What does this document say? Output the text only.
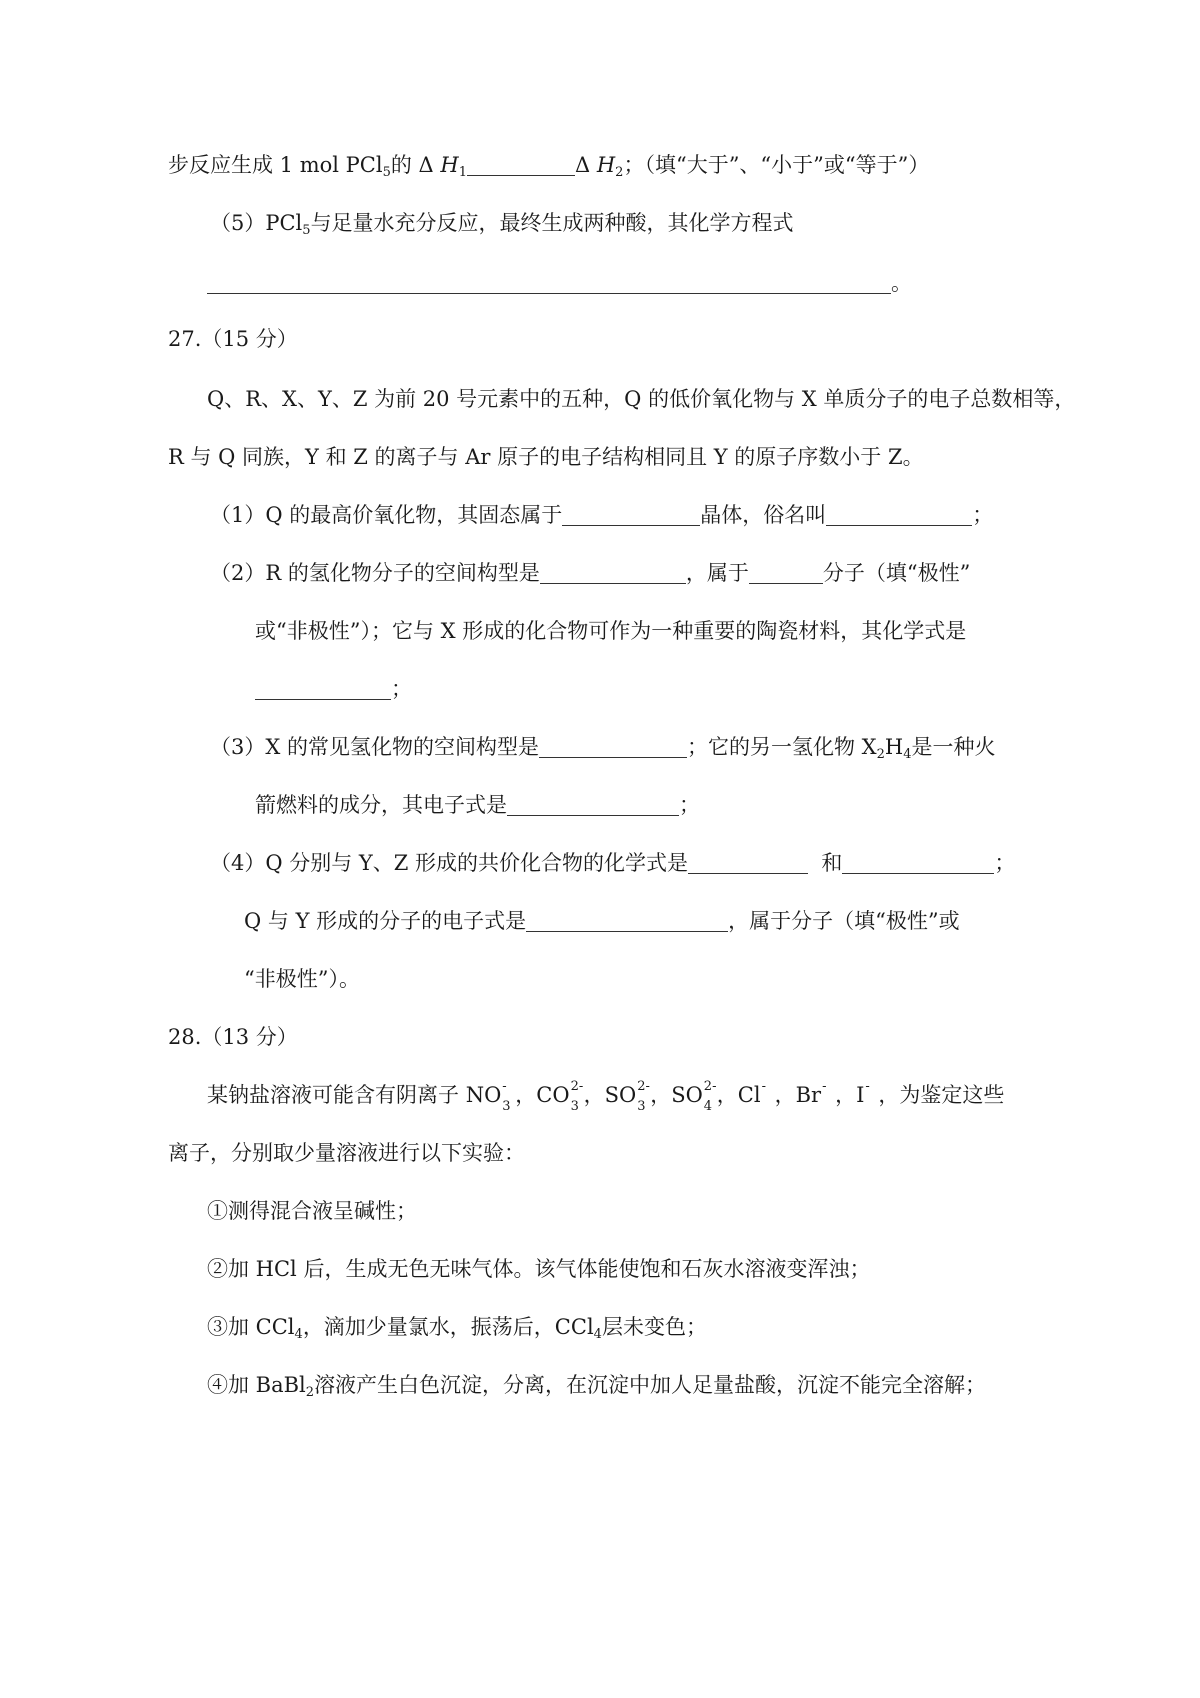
步反应生成 1 mol PCl$_5$的 Δ $H_1$	Δ $H_2$；（填“大于”、“小于”或“等于”）
（5）PCl$_5$与足量水充分反应，最终生成两种酸，其化学方程式
。
27.（15 分）
Q、R、X、Y、Z 为前 20 号元素中的五种，Q 的低价氧化物与 X 单质分子的电子总数相等，
R 与 Q 同族，Y 和 Z 的离子与 Ar 原子的电子结构相同且 Y 的原子序数小于 Z。
（1）Q 的最高价氧化物，其固态属于	晶体，俗名叫	；
（2）R 的氢化物分子的空间构型是	，属于	分子（填“极性”
或“非极性”）；它与 X 形成的化合物可作为一种重要的陶瓷材料，其化学式是
；
（3）X 的常见氢化物的空间构型是	；它的另一氢化物 $X_2H_4$是一种火
箭燃料的成分，其电子式是	；
（4）Q 分别与 Y、Z 形成的共价化合物的化学式是	和	；
Q 与 Y 形成的分子的电子式是	，属于分子（填“极性”或
“非极性”）。
28.（13 分）
某钠盐溶液可能含有阴离子 NO -
3 ，CO 2-
3 ，SO 2-
3 ，SO 2-
4 ，Cl - ，Br - ，I - ，为鉴定这些
离子，分别取少量溶液进行以下实验：
①测得混合液呈碱性；
②加 HCl 后，生成无色无味气体。该气体能使饱和石灰水溶液变浑浊；
③加 CCl$_4$，滴加少量氯水，振荡后，CCl$_4$层未变色；
④加 BaBl$_2$溶液产生白色沉淀，分离，在沉淀中加人足量盐酸，沉淀不能完全溶解；
